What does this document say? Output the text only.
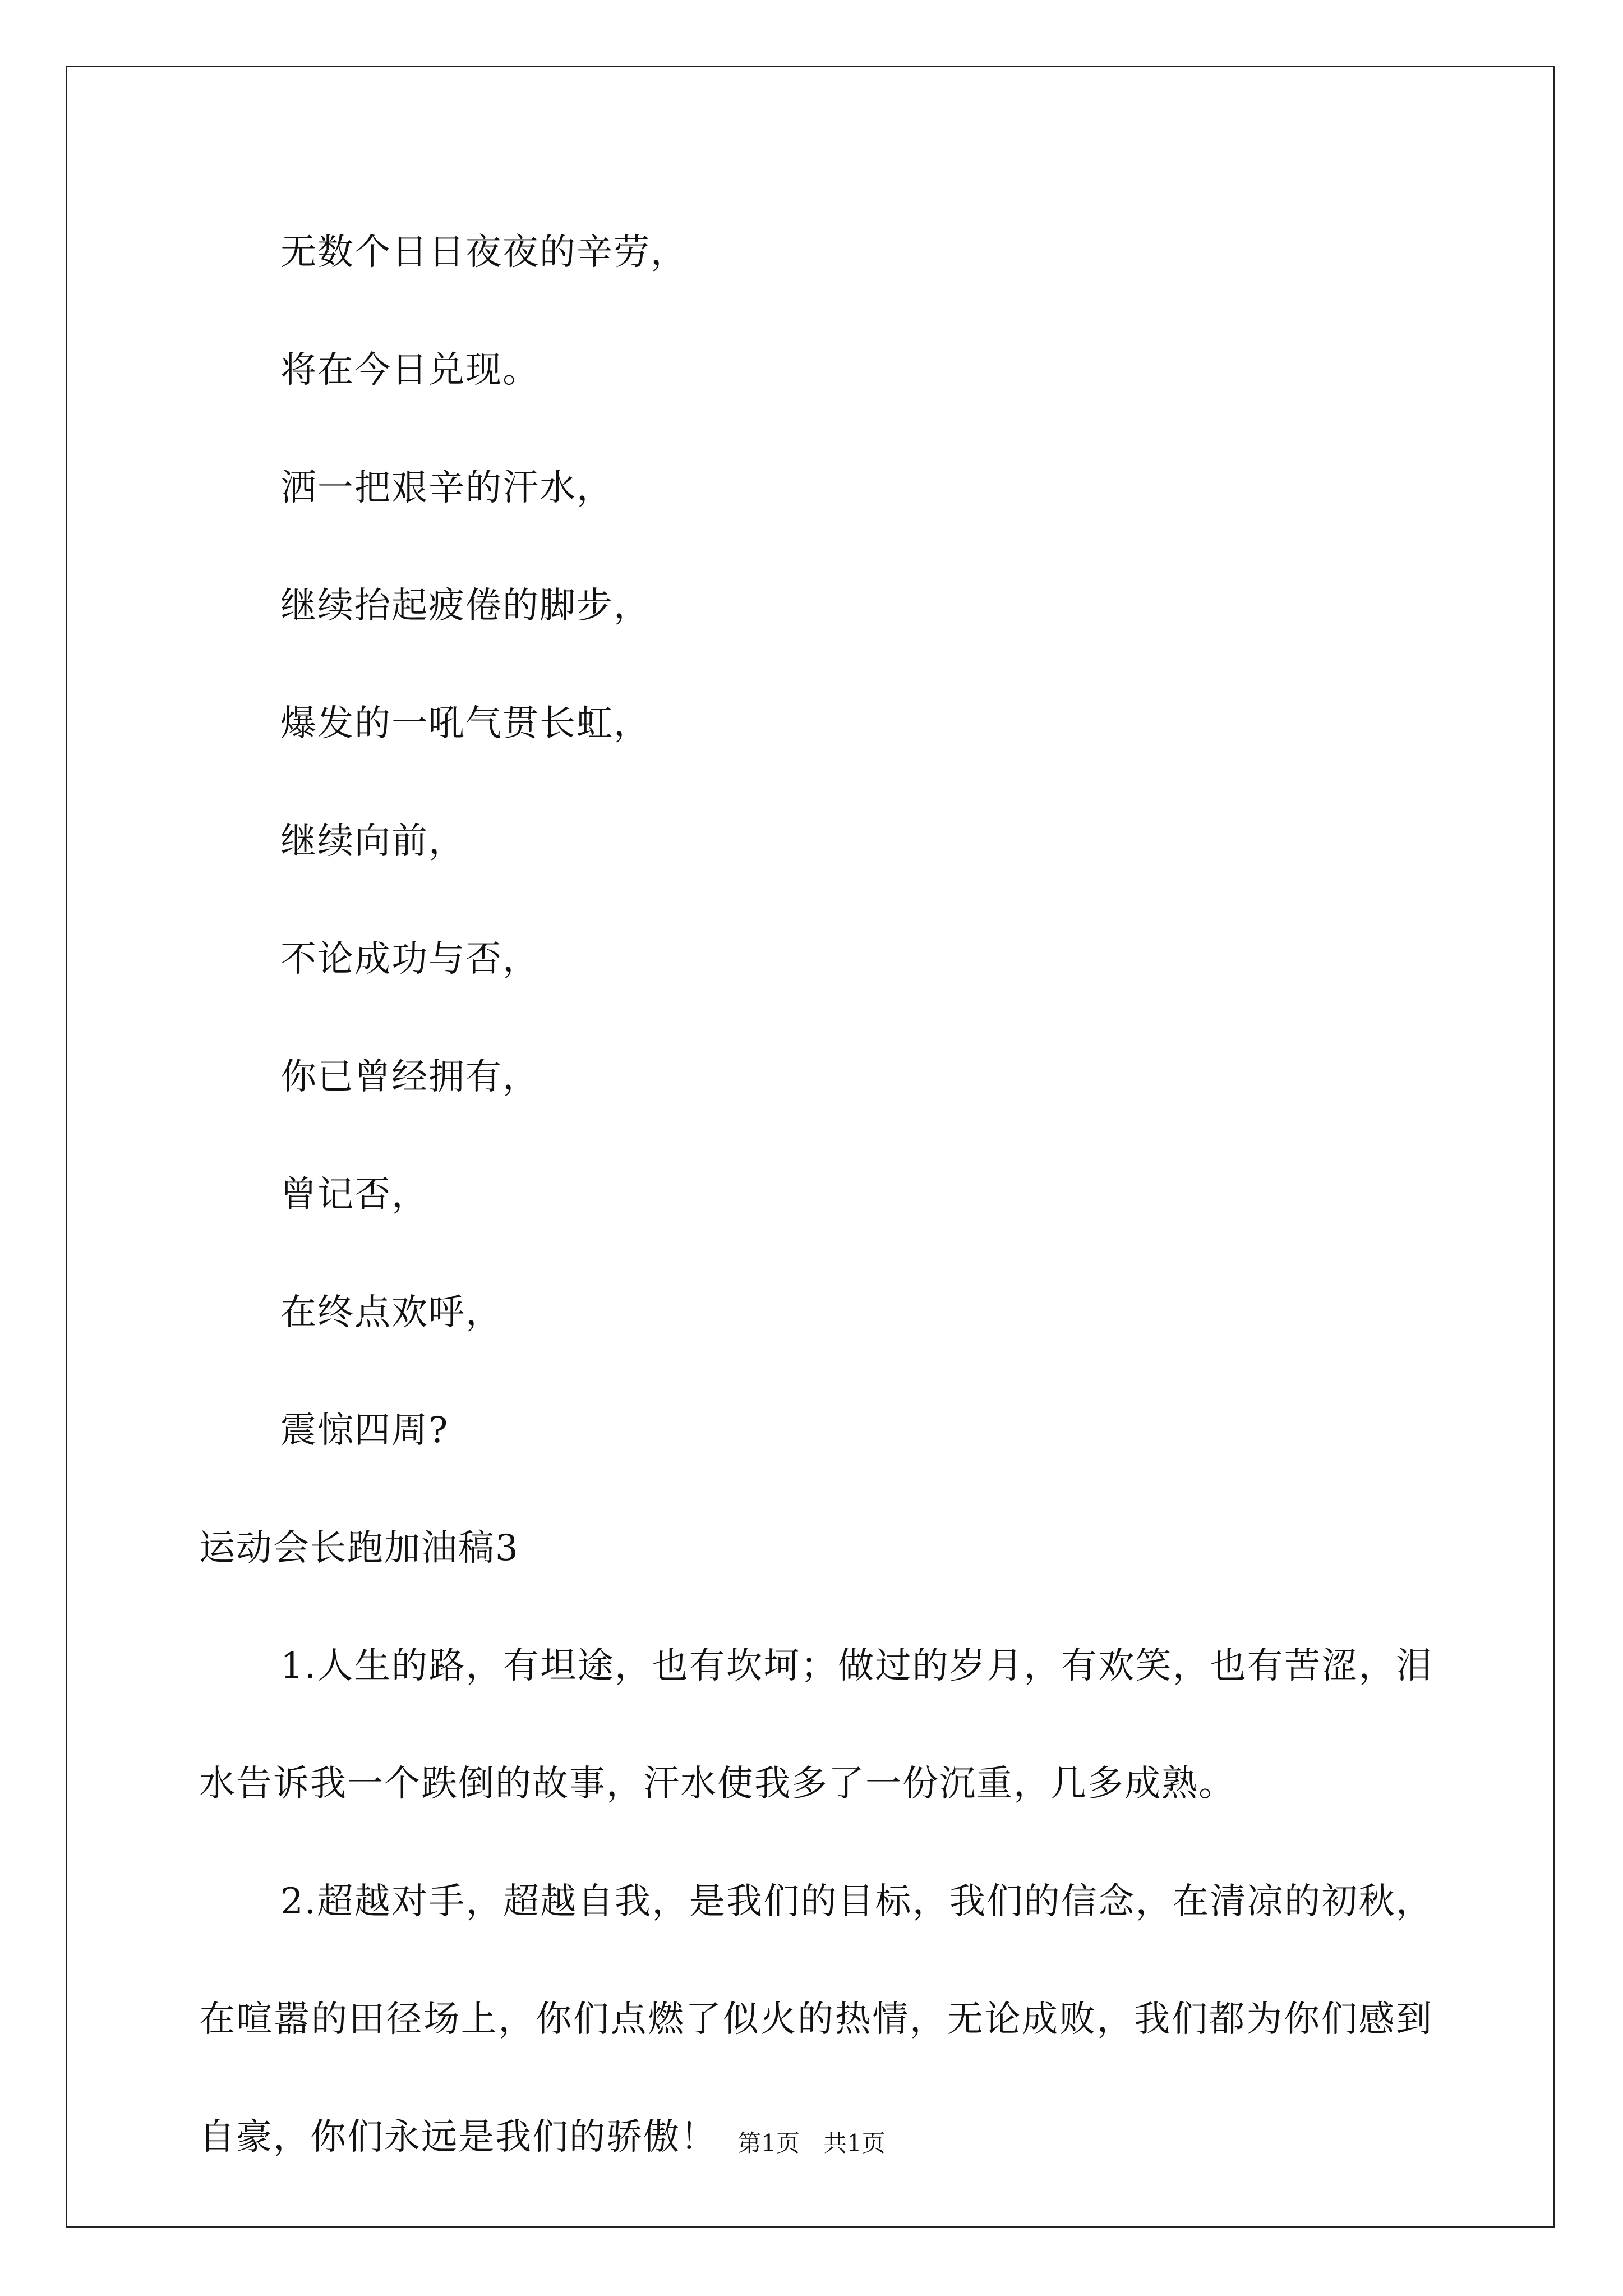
无数个日日夜夜的辛劳，
将在今日兑现。
洒一把艰辛的汗水，
继续抬起疲倦的脚步，
爆发的一吼气贯长虹，
继续向前，
不论成功与否，
你已曾经拥有，
曾记否，
在终点欢呼，
震惊四周?
运动会长跑加油稿3

1.人生的路，有坦途，也有坎坷；做过的岁月，有欢笑，也有苦涩，泪水告诉我一个跌倒的故事，汗水使我多了一份沉重，几多成熟。

2.超越对手，超越自我，是我们的目标，我们的信念，在清凉的初秋，在喧嚣的田径场上，你们点燃了似火的热情，无论成败，我们都为你们感到自豪，你们永远是我们的骄傲！ 第1页　共1页
